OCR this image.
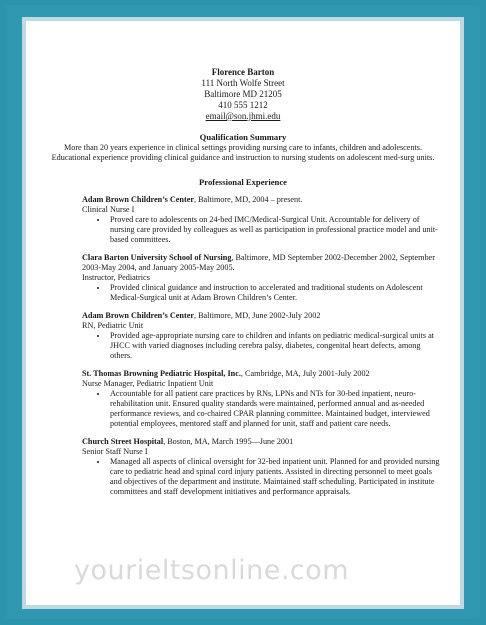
Florence Barton
111 North Wolfe Street
Baltimore MD 21205
410 555 1212
email@son.jhmi.edu
Qualification Summary
More than 20 years experience in clinical settings providing nursing care to infants, children and adolescents. Educational experience providing clinical guidance and instruction to nursing students on adolescent med-surg units.
Professional Experience
Adam Brown Children’s Center, Baltimore, MD, 2004 – present.
Clinical Nurse I
• Proved care to adolescents on 24-bed IMC/Medical-Surgical Unit. Accountable for delivery of nursing care provided by colleagues as well as participation in professional practice model and unit-based committees.
Clara Barton University School of Nursing, Baltimore, MD September 2002-December 2002, September 2003-May 2004, and January 2005-May 2005.
Instructor, Pediatrics
• Provided clinical guidance and instruction to accelerated and traditional students on Adolescent Medical-Surgical unit at Adam Brown Children’s Center.
Adam Brown Children’s Center, Baltimore, MD, June 2002-July 2002
RN, Pediatric Unit
• Provided age-appropriate nursing care to children and infants on pediatric medical-surgical units at JHCC with varied diagnoses including cerebra palsy, diabetes, congenital heart defects, among others.
St. Thomas Browning Pediatric Hospital, Inc., Cambridge, MA, July 2001-July 2002
Nurse Manager, Pediatric Inpatient Unit
• Accountable for all patient care practices by RNs, LPNs and NTs for 30-bed inpatient, neuro-rehabilitation unit. Ensured quality standards were maintained, performed annual and as-needed performance reviews, and co-chaired CPAR planning committee. Maintained budget, interviewed potential employees, mentored staff and planned for unit, staff and patient care needs.
Church Street Hospital, Boston, MA, March 1995—June 2001
Senior Staff Nurse I
• Managed all aspects of clinical oversight for 32-bed inpatient unit. Planned for and provided nursing care to pediatric head and spinal cord injury patients. Assisted in directing personnel to meet goals and objectives of the department and institute. Maintained staff scheduling. Participated in institute committees and staff development initiatives and performance appraisals.
yourieltsonline.com
